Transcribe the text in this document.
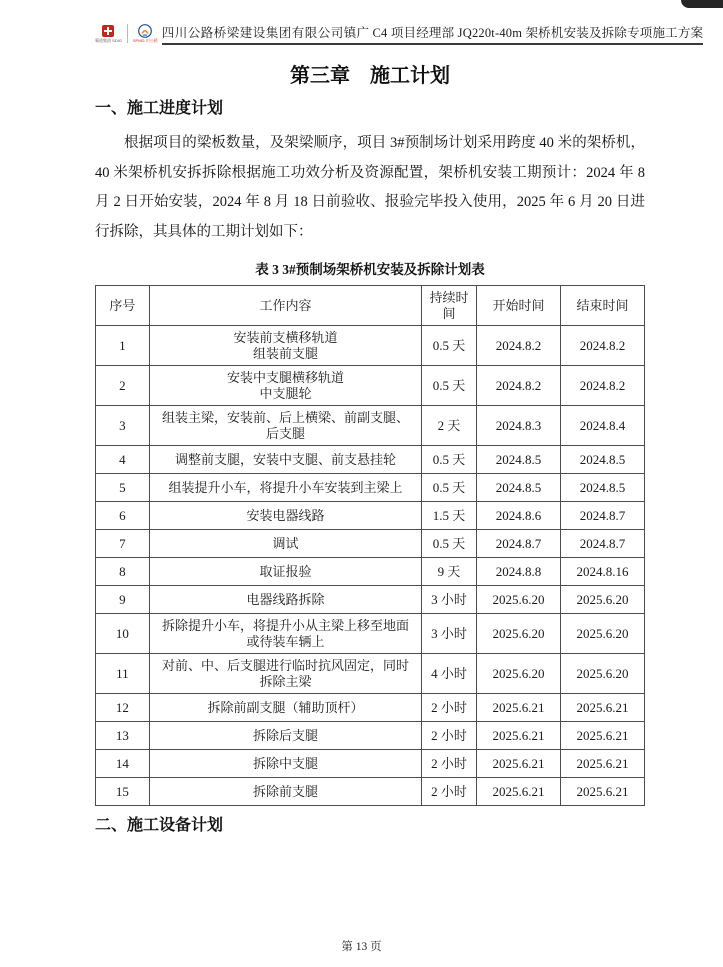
蜀道集团 SDIG	SPMG 川公桥
四川公路桥梁建设集团有限公司 镇广 C4 项目经理部 JQ220t-40m 架桥机安装及拆除专项施工方案
第三章　施工计划
一、施工进度计划

根据项目的梁板数量，及架梁顺序，项目 3#预制场计划采用跨度 40 米的架桥机，40 米架桥机安拆拆除根据施工功效分析及资源配置，架桥机安装工期预计：2024 年 8 月 2 日开始安装，2024 年 8 月 18 日前验收、报验完毕投入使用，2025 年 6 月 20 日进行拆除，其具体的工期计划如下：

表 3 3#预制场架桥机安装及拆除计划表
序号	工作内容	持续时间	开始时间	结束时间
1	安装前支横移轨道
组装前支腿	0.5 天	2024.8.2	2024.8.2
2	安装中支腿横移轨道
中支腿轮	0.5 天	2024.8.2	2024.8.2
3	组装主梁，安装前、后上横梁、前副支腿、
后支腿	2 天	2024.8.3	2024.8.4
4	调整前支腿，安装中支腿、前支悬挂轮	0.5 天	2024.8.5	2024.8.5
5	组装提升小车，将提升小车安装到主梁上	0.5 天	2024.8.5	2024.8.5
6	安装电器线路	1.5 天	2024.8.6	2024.8.7
7	调试	0.5 天	2024.8.7	2024.8.7
8	取证报验	9 天	2024.8.8	2024.8.16
9	电器线路拆除	3 小时	2025.6.20	2025.6.20
10	拆除提升小车，将提升小从主梁上移至地面
或待装车辆上	3 小时	2025.6.20	2025.6.20
11	对前、中、后支腿进行临时抗风固定，同时
拆除主梁	4 小时	2025.6.20	2025.6.20
12	拆除前副支腿（辅助顶杆）	2 小时	2025.6.21	2025.6.21
13	拆除后支腿	2 小时	2025.6.21	2025.6.21
14	拆除中支腿	2 小时	2025.6.21	2025.6.21
15	拆除前支腿	2 小时	2025.6.21	2025.6.21
二、施工设备计划
第 13 页
